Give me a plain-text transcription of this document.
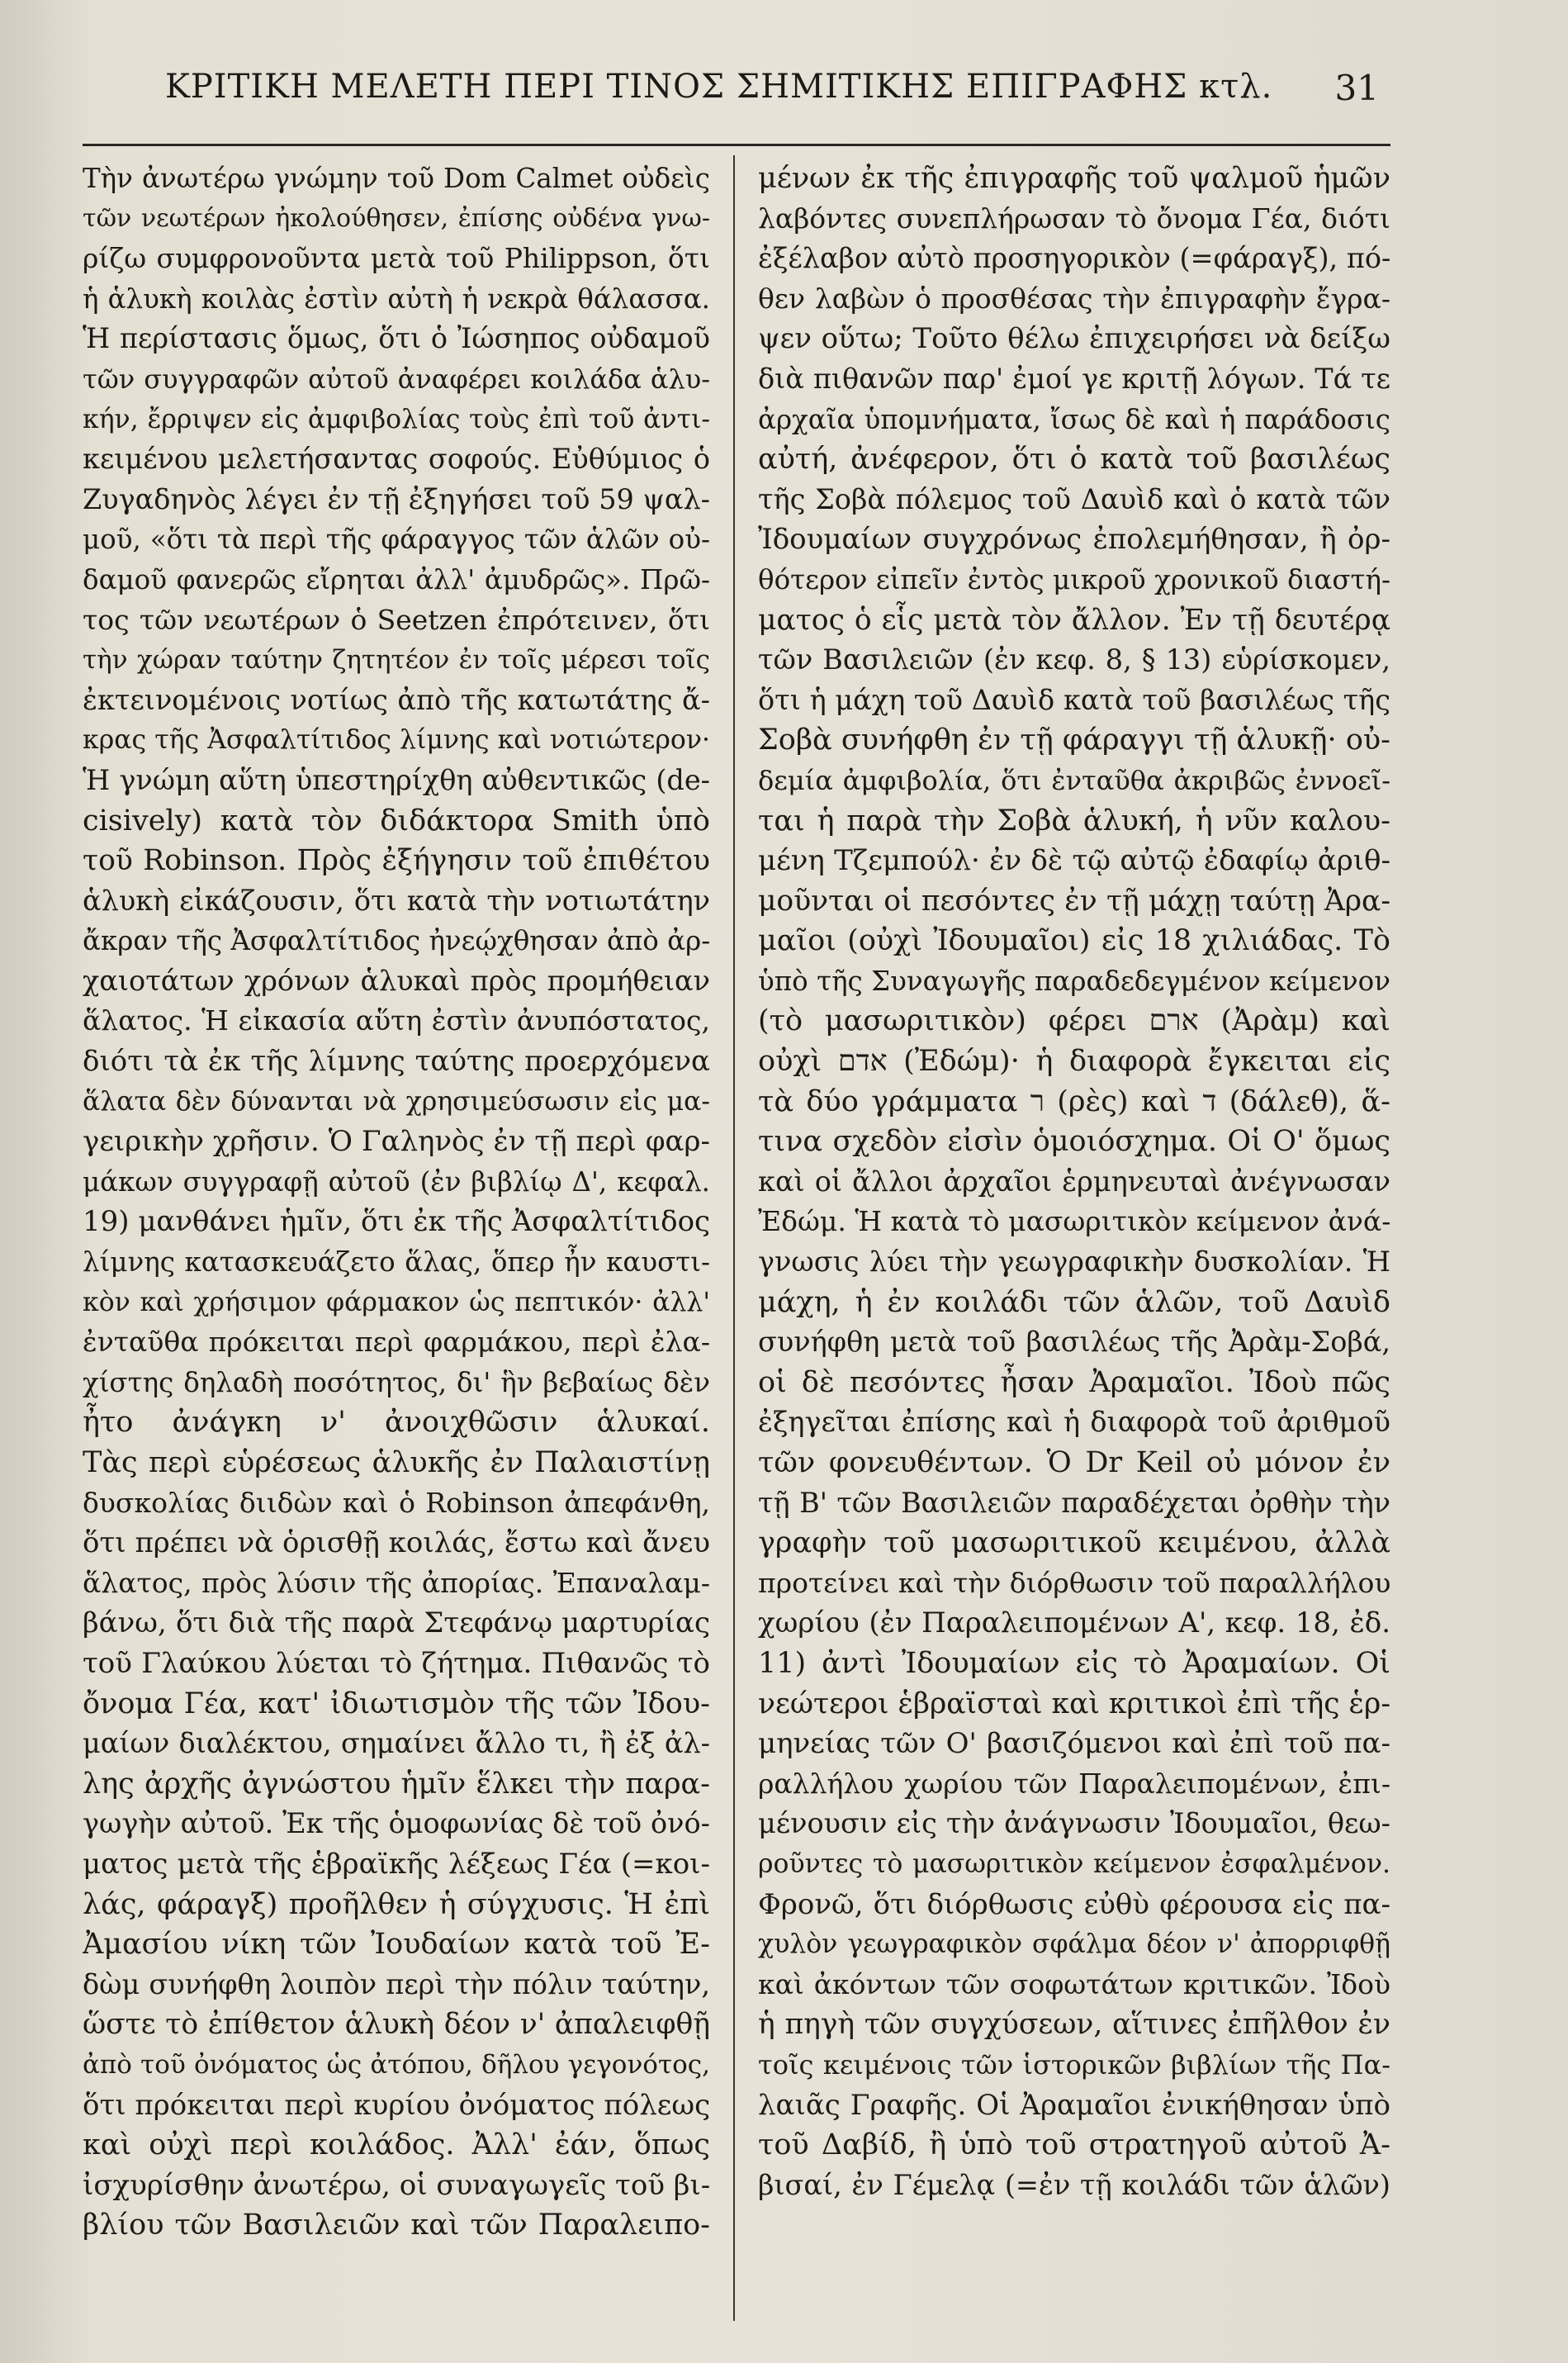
ΚΡΙΤΙΚΗ ΜΕΛΕΤΗ ΠΕΡΙ ΤΙΝΟΣ ΣΗΜΙΤΙΚΗΣ ΕΠΙΓΡΑΦΗΣ κτλ. 31
Τὴν ἀνωτέρω γνώμην τοῦ Dom Calmet οὐδεὶς
τῶν νεωτέρων ἠκολούθησεν, ἐπίσης οὐδένα γνω-
ρίζω συμφρονοῦντα μετὰ τοῦ Philippson, ὅτι
ἡ ἁλυκὴ κοιλὰς ἐστὶν αὐτὴ ἡ νεκρὰ θάλασσα.
Ἡ περίστασις ὅμως, ὅτι ὁ Ἰώσηπος οὐδαμοῦ
τῶν συγγραφῶν αὐτοῦ ἀναφέρει κοιλάδα ἁλυ-
κήν, ἔρριψεν εἰς ἀμφιβολίας τοὺς ἐπὶ τοῦ ἀντι-
κειμένου μελετήσαντας σοφούς. Εὐθύμιος ὁ
Ζυγαδηνὸς λέγει ἐν τῇ ἐξηγήσει τοῦ 59 ψαλ-
μοῦ, «ὅτι τὰ περὶ τῆς φάραγγος τῶν ἁλῶν οὐ-
δαμοῦ φανερῶς εἴρηται ἀλλ' ἀμυδρῶς». Πρῶ-
τος τῶν νεωτέρων ὁ Seetzen ἐπρότεινεν, ὅτι
τὴν χώραν ταύτην ζητητέον ἐν τοῖς μέρεσι τοῖς
ἐκτεινομένοις νοτίως ἀπὸ τῆς κατωτάτης ἄ-
κρας τῆς Ἀσφαλτίτιδος λίμνης καὶ νοτιώτερον·
Ἡ γνώμη αὕτη ὑπεστηρίχθη αὐθεντικῶς (de-
cisively) κατὰ τὸν διδάκτορα Smith ὑπὸ
τοῦ Robinson. Πρὸς ἐξήγησιν τοῦ ἐπιθέτου
ἁλυκὴ εἰκάζουσιν, ὅτι κατὰ τὴν νοτιωτάτην
ἄκραν τῆς Ἀσφαλτίτιδος ἠνεῴχθησαν ἀπὸ ἀρ-
χαιοτάτων χρόνων ἁλυκαὶ πρὸς προμήθειαν
ἅλατος. Ἡ εἰκασία αὕτη ἐστὶν ἀνυπόστατος,
διότι τὰ ἐκ τῆς λίμνης ταύτης προερχόμενα
ἅλατα δὲν δύνανται νὰ χρησιμεύσωσιν εἰς μα-
γειρικὴν χρῆσιν. Ὁ Γαληνὸς ἐν τῇ περὶ φαρ-
μάκων συγγραφῇ αὐτοῦ (ἐν βιβλίῳ Δ', κεφαλ.
19) μανθάνει ἡμῖν, ὅτι ἐκ τῆς Ἀσφαλτίτιδος
λίμνης κατασκευάζετο ἅλας, ὅπερ ἦν καυστι-
κὸν καὶ χρήσιμον φάρμακον ὡς πεπτικόν· ἀλλ'
ἐνταῦθα πρόκειται περὶ φαρμάκου, περὶ ἐλα-
χίστης δηλαδὴ ποσότητος, δι' ἣν βεβαίως δὲν
ἦτο ἀνάγκη ν' ἀνοιχθῶσιν ἁλυκαί.
Τὰς περὶ εὑρέσεως ἁλυκῆς ἐν Παλαιστίνῃ
δυσκολίας διιδὼν καὶ ὁ Robinson ἀπεφάνθη,
ὅτι πρέπει νὰ ὁρισθῇ κοιλάς, ἔστω καὶ ἄνευ
ἅλατος, πρὸς λύσιν τῆς ἀπορίας. Ἐπαναλαμ-
βάνω, ὅτι διὰ τῆς παρὰ Στεφάνῳ μαρτυρίας
τοῦ Γλαύκου λύεται τὸ ζήτημα. Πιθανῶς τὸ
ὄνομα Γέα, κατ' ἰδιωτισμὸν τῆς τῶν Ἰδου-
μαίων διαλέκτου, σημαίνει ἄλλο τι, ἢ ἐξ ἀλ-
λης ἀρχῆς ἀγνώστου ἡμῖν ἕλκει τὴν παρα-
γωγὴν αὐτοῦ. Ἐκ τῆς ὁμοφωνίας δὲ τοῦ ὀνό-
ματος μετὰ τῆς ἑβραϊκῆς λέξεως Γέα (=κοι-
λάς, φάραγξ) προῆλθεν ἡ σύγχυσις. Ἡ ἐπὶ
Ἀμασίου νίκη τῶν Ἰουδαίων κατὰ τοῦ Ἐ-
δὼμ συνήφθη λοιπὸν περὶ τὴν πόλιν ταύτην,
ὥστε τὸ ἐπίθετον ἁλυκὴ δέον ν' ἀπαλειφθῇ
ἀπὸ τοῦ ὀνόματος ὡς ἀτόπου, δῆλου γεγονότος,
ὅτι πρόκειται περὶ κυρίου ὀνόματος πόλεως
καὶ οὐχὶ περὶ κοιλάδος. Ἀλλ' ἐάν, ὅπως
ἰσχυρίσθην ἀνωτέρω, οἱ συναγωγεῖς τοῦ βι-
βλίου τῶν Βασιλειῶν καὶ τῶν Παραλειπο-
μένων ἐκ τῆς ἐπιγραφῆς τοῦ ψαλμοῦ ἡμῶν
λαβόντες συνεπλήρωσαν τὸ ὄνομα Γέα, διότι
ἐξέλαβον αὐτὸ προσηγορικὸν (=φάραγξ), πό-
θεν λαβὼν ὁ προσθέσας τὴν ἐπιγραφὴν ἔγρα-
ψεν οὕτω; Τοῦτο θέλω ἐπιχειρήσει νὰ δείξω
διὰ πιθανῶν παρ' ἐμοί γε κριτῇ λόγων. Τά τε
ἀρχαῖα ὑπομνήματα, ἴσως δὲ καὶ ἡ παράδοσις
αὐτή, ἀνέφερον, ὅτι ὁ κατὰ τοῦ βασιλέως
τῆς Σοβὰ πόλεμος τοῦ Δαυὶδ καὶ ὁ κατὰ τῶν
Ἰδουμαίων συγχρόνως ἐπολεμήθησαν, ἢ ὀρ-
θότερον εἰπεῖν ἐντὸς μικροῦ χρονικοῦ διαστή-
ματος ὁ εἷς μετὰ τὸν ἄλλον. Ἐν τῇ δευτέρᾳ
τῶν Βασιλειῶν (ἐν κεφ. 8, § 13) εὑρίσκομεν,
ὅτι ἡ μάχη τοῦ Δαυὶδ κατὰ τοῦ βασιλέως τῆς
Σοβὰ συνήφθη ἐν τῇ φάραγγι τῇ ἁλυκῇ· οὐ-
δεμία ἀμφιβολία, ὅτι ἐνταῦθα ἀκριβῶς ἐννοεῖ-
ται ἡ παρὰ τὴν Σοβὰ ἁλυκή, ἡ νῦν καλου-
μένη Τζεμπούλ· ἐν δὲ τῷ αὐτῷ ἐδαφίῳ ἀριθ-
μοῦνται οἱ πεσόντες ἐν τῇ μάχῃ ταύτῃ Ἀρα-
μαῖοι (οὐχὶ Ἰδουμαῖοι) εἰς 18 χιλιάδας. Τὸ
ὑπὸ τῆς Συναγωγῆς παραδεδεγμένον κείμενον
(τὸ μασωριτικὸν) φέρει ארם (Ἀρὰμ) καὶ
οὐχὶ אדם (Ἐδώμ)· ἡ διαφορὰ ἔγκειται εἰς
τὰ δύο γράμματα ר (ρὲς) καὶ ד (δάλεθ), ἅ-
τινα σχεδὸν εἰσὶν ὁμοιόσχημα. Οἱ Ο' ὅμως
καὶ οἱ ἄλλοι ἀρχαῖοι ἑρμηνευταὶ ἀνέγνωσαν
Ἐδώμ. Ἡ κατὰ τὸ μασωριτικὸν κείμενον ἀνά-
γνωσις λύει τὴν γεωγραφικὴν δυσκολίαν. Ἡ
μάχη, ἡ ἐν κοιλάδι τῶν ἁλῶν, τοῦ Δαυὶδ
συνήφθη μετὰ τοῦ βασιλέως τῆς Ἀρὰμ-Σοβά,
οἱ δὲ πεσόντες ἦσαν Ἀραμαῖοι. Ἰδοὺ πῶς
ἐξηγεῖται ἐπίσης καὶ ἡ διαφορὰ τοῦ ἀριθμοῦ
τῶν φονευθέντων. Ὁ Dr Keil οὐ μόνον ἐν
τῇ Β' τῶν Βασιλειῶν παραδέχεται ὀρθὴν τὴν
γραφὴν τοῦ μασωριτικοῦ κειμένου, ἀλλὰ
προτείνει καὶ τὴν διόρθωσιν τοῦ παραλλήλου
χωρίου (ἐν Παραλειπομένων Α', κεφ. 18, ἐδ.
11) ἀντὶ Ἰδουμαίων εἰς τὸ Ἀραμαίων. Οἱ
νεώτεροι ἑβραϊσταὶ καὶ κριτικοὶ ἐπὶ τῆς ἑρ-
μηνείας τῶν Ο' βασιζόμενοι καὶ ἐπὶ τοῦ πα-
ραλλήλου χωρίου τῶν Παραλειπομένων, ἐπι-
μένουσιν εἰς τὴν ἀνάγνωσιν Ἰδουμαῖοι, θεω-
ροῦντες τὸ μασωριτικὸν κείμενον ἐσφαλμένον.
Φρονῶ, ὅτι διόρθωσις εὐθὺ φέρουσα εἰς πα-
χυλὸν γεωγραφικὸν σφάλμα δέον ν' ἀπορριφθῇ
καὶ ἀκόντων τῶν σοφωτάτων κριτικῶν. Ἰδοὺ
ἡ πηγὴ τῶν συγχύσεων, αἵτινες ἐπῆλθον ἐν
τοῖς κειμένοις τῶν ἱστορικῶν βιβλίων τῆς Πα-
λαιᾶς Γραφῆς. Οἱ Ἀραμαῖοι ἐνικήθησαν ὑπὸ
τοῦ Δαβίδ, ἢ ὑπὸ τοῦ στρατηγοῦ αὐτοῦ Ἀ-
βισαί, ἐν Γέμελᾳ (=ἐν τῇ κοιλάδι τῶν ἁλῶν)
